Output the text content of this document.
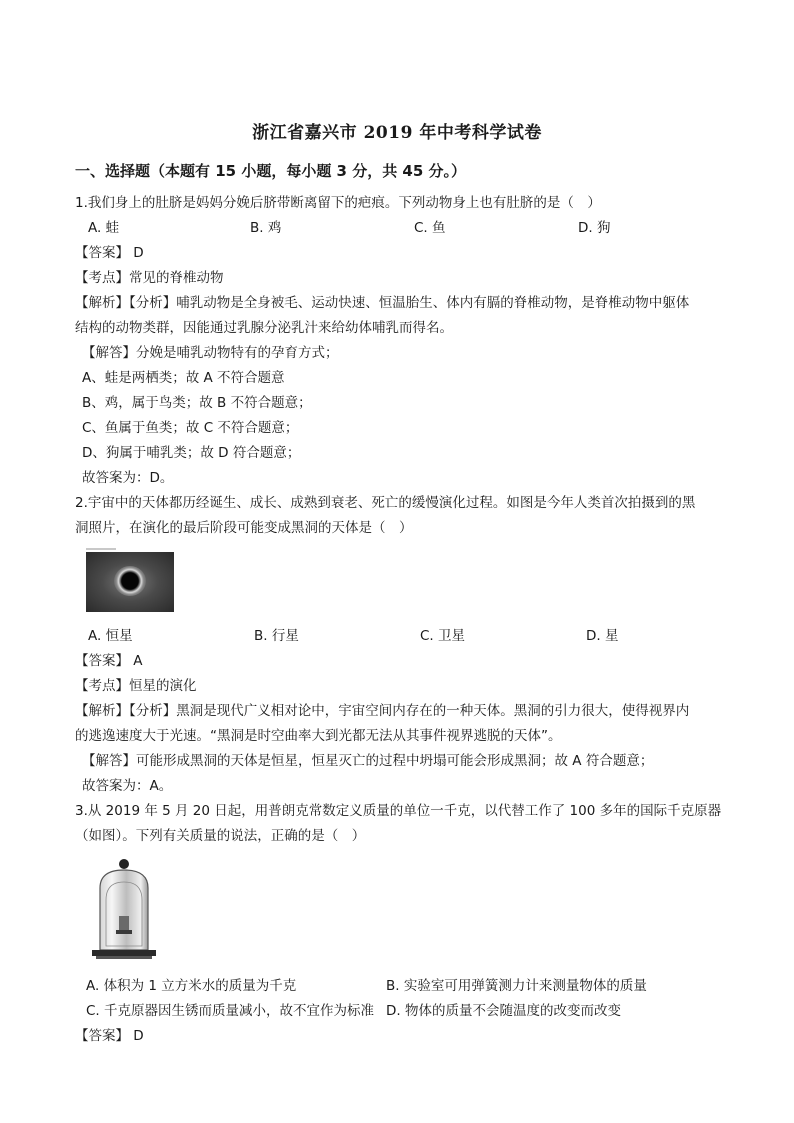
浙江省嘉兴市 2019 年中考科学试卷
一、选择题（本题有 15 小题，每小题 3 分，共 45 分。）
1.我们身上的肚脐是妈妈分娩后脐带断离留下的疤痕。下列动物身上也有肚脐的是（　）
A. 蛙	B. 鸡	C. 鱼	D. 狗
【答案】 D
【考点】常见的脊椎动物
【解析】【分析】哺乳动物是全身被毛、运动快速、恒温胎生、体内有膈的脊椎动物，是脊椎动物中躯体
结构的动物类群，因能通过乳腺分泌乳汁来给幼体哺乳而得名。
【解答】分娩是哺乳动物特有的孕育方式；
A、蛙是两栖类；故 A 不符合题意
B、鸡，属于鸟类；故 B 不符合题意；
C、鱼属于鱼类；故 C 不符合题意；
D、狗属于哺乳类；故 D 符合题意；
故答案为：D。
2.宇宙中的天体都历经诞生、成长、成熟到衰老、死亡的缓慢演化过程。如图是今年人类首次拍摄到的黑
洞照片，在演化的最后阶段可能变成黑洞的天体是（　）
A. 恒星	B. 行星	C. 卫星	D. 星
【答案】 A
【考点】恒星的演化
【解析】【分析】黑洞是现代广义相对论中，宇宙空间内存在的一种天体。黑洞的引力很大，使得视界内
的逃逸速度大于光速。“黑洞是时空曲率大到光都无法从其事件视界逃脱的天体”。
【解答】可能形成黑洞的天体是恒星，恒星灭亡的过程中坍塌可能会形成黑洞；故 A 符合题意；
故答案为：A。
3.从 2019 年 5 月 20 日起，用普朗克常数定义质量的单位一千克，以代替工作了 100 多年的国际千克原器
（如图）。下列有关质量的说法，正确的是（　）
A. 体积为 1 立方米水的质量为千克	B. 实验室可用弹簧测力计来测量物体的质量
C. 千克原器因生锈而质量减小，故不宜作为标准 D. 物体的质量不会随温度的改变而改变
【答案】 D
